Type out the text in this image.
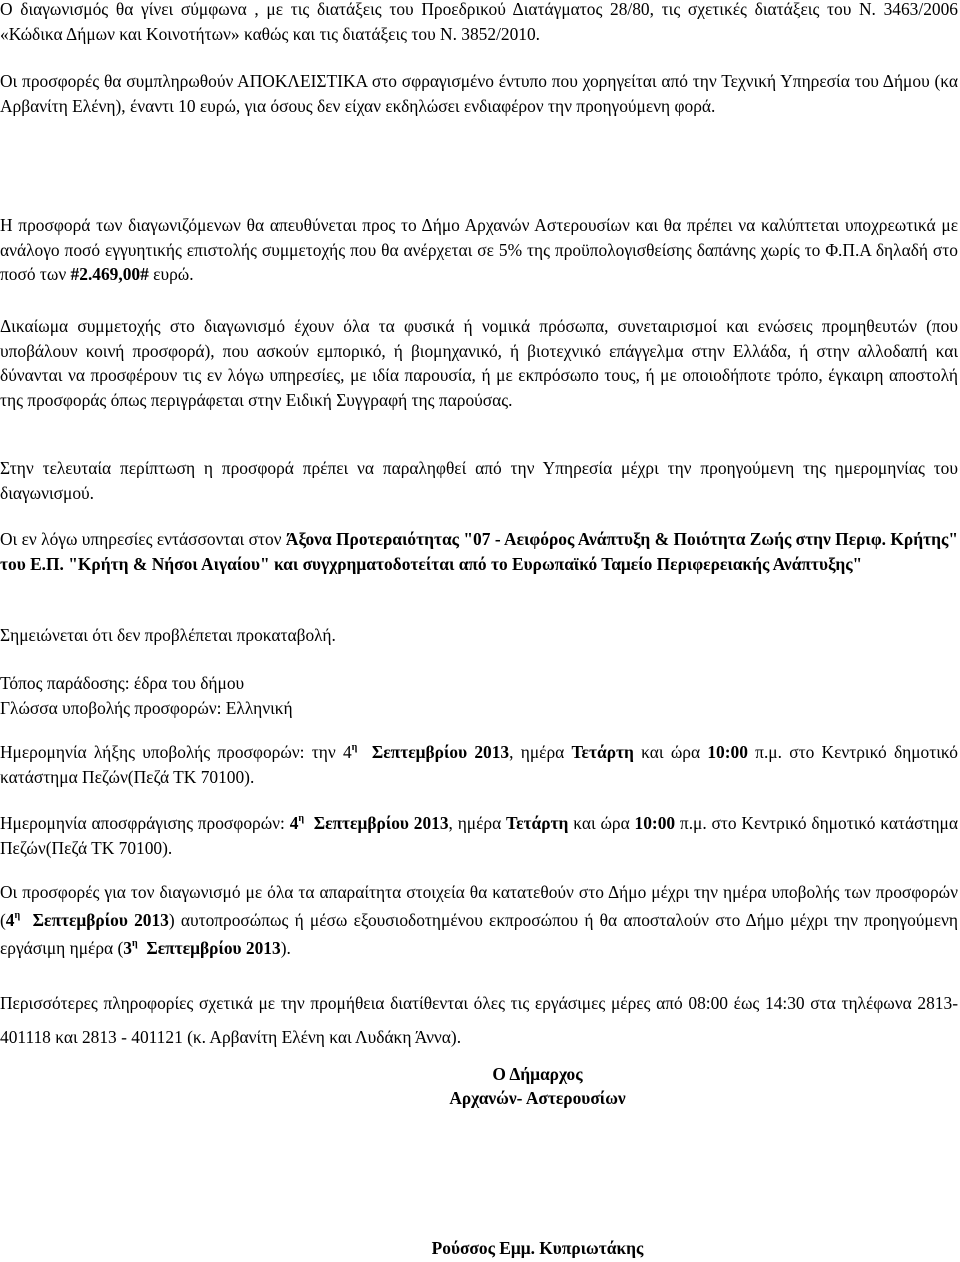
Ο διαγωνισμός θα γίνει σύμφωνα , με τις διατάξεις του Προεδρικού Διατάγματος 28/80, τις σχετικές διατάξεις του Ν. 3463/2006 «Κώδικα Δήμων και Κοινοτήτων» καθώς και τις διατάξεις του Ν. 3852/2010.

Οι προσφορές θα συμπληρωθούν ΑΠΟΚΛΕΙΣΤΙΚΑ στο σφραγισμένο έντυπο που χορηγείται από την Τεχνική Υπηρεσία του Δήμου (κα Αρβανίτη Ελένη), έναντι 10 ευρώ, για όσους δεν είχαν εκδηλώσει ενδιαφέρον την προηγούμενη φορά.

Η προσφορά των διαγωνιζόμενων θα απευθύνεται προς το Δήμο Αρχανών Αστερουσίων και θα πρέπει να καλύπτεται υποχρεωτικά με ανάλογο ποσό εγγυητικής επιστολής συμμετοχής που θα ανέρχεται σε 5% της προϋπολογισθείσης δαπάνης χωρίς το Φ.Π.Α δηλαδή στο ποσό των #2.469,00# ευρώ.

Δικαίωμα συμμετοχής στο διαγωνισμό έχουν όλα τα φυσικά ή νομικά πρόσωπα, συνεταιρισμοί και ενώσεις προμηθευτών (που υποβάλουν κοινή προσφορά), που ασκούν εμπορικό, ή βιομηχανικό, ή βιοτεχνικό επάγγελμα στην Ελλάδα, ή στην αλλοδαπή και δύνανται να προσφέρουν τις εν λόγω υπηρεσίες, με ιδία παρουσία, ή με εκπρόσωπο τους, ή με οποιοδήποτε τρόπο, έγκαιρη αποστολή της προσφοράς όπως περιγράφεται στην Ειδική Συγγραφή της παρούσας.

Στην τελευταία περίπτωση η προσφορά πρέπει να παραληφθεί από την Υπηρεσία μέχρι την προηγούμενη της ημερομηνίας του διαγωνισμού.

Οι εν λόγω υπηρεσίες εντάσσονται στον Άξονα Προτεραιότητας "07 - Αειφόρος Ανάπτυξη & Ποιότητα Ζωής στην Περιφ. Κρήτης" του Ε.Π. "Κρήτη & Νήσοι Αιγαίου" και συγχρηματοδοτείται από το Ευρωπαϊκό Ταμείο Περιφερειακής Ανάπτυξης"

Σημειώνεται ότι δεν προβλέπεται προκαταβολή.

Τόπος παράδοσης: έδρα του δήμου
Γλώσσα υποβολής προσφορών: Ελληνική

Ημερομηνία λήξης υποβολής προσφορών: την $4^\eta$ Σεπτεμβρίου 2013, ημέρα Τετάρτη και ώρα 10:00 π.μ. στο Κεντρικό δημοτικό κατάστημα Πεζών(Πεζά ΤΚ 70100).

Ημερομηνία αποσφράγισης προσφορών: $4^\eta$ Σεπτεμβρίου 2013, ημέρα Τετάρτη και ώρα 10:00 π.μ. στο Κεντρικό δημοτικό κατάστημα Πεζών(Πεζά ΤΚ 70100).

Οι προσφορές για τον διαγωνισμό με όλα τα απαραίτητα στοιχεία θα κατατεθούν στο Δήμο μέχρι την ημέρα υποβολής των προσφορών ($4^\eta$ Σεπτεμβρίου 2013) αυτοπροσώπως ή μέσω εξουσιοδοτημένου εκπροσώπου ή θα αποσταλούν στο Δήμο μέχρι την προηγούμενη εργάσιμη ημέρα ($3^\eta$ Σεπτεμβρίου 2013).

Περισσότερες πληροφορίες σχετικά με την προμήθεια διατίθενται όλες τις εργάσιμες μέρες από 08:00 έως 14:30 στα τηλέφωνα 2813-401118 και 2813 - 401121 (κ. Αρβανίτη Ελένη και Λυδάκη Άννα).

Ο Δήμαρχος
Αρχανών- Αστερουσίων
Ρούσσος Εμμ. Κυπριωτάκης
